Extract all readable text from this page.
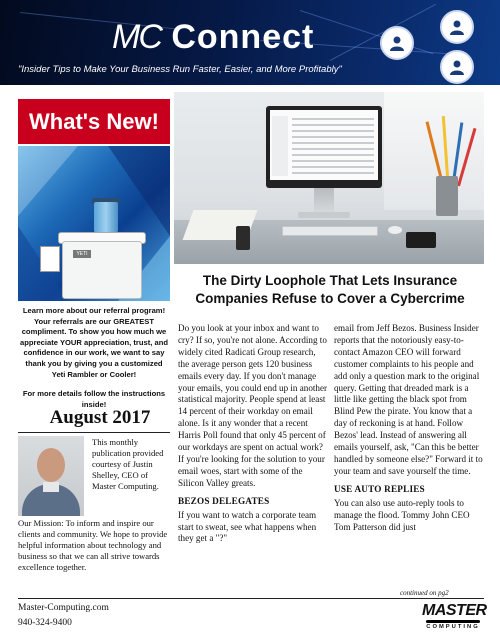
MC Connect
"Insider Tips to Make Your Business Run Faster, Easier, and More Profitably"
What's New!
YETI

Learn more about our referral program! Your referrals are our GREATEST compliment. To show you how much we appreciate YOUR appreciation, trust, and confidence in our work, we want to say thank you by giving you a customized Yeti Rambler or Cooler!

For more details follow the instructions inside!

August 2017
This monthly publication provided courtesy of Justin Shelley, CEO of Master Computing.
Our Mission: To inform and inspire our clients and community. We hope to provide helpful information about technology and business so that we can all strive towards excellence together.
The Dirty Loophole That Lets Insurance Companies Refuse to Cover a Cybercrime

Do you look at your inbox and want to cry? If so, you're not alone. According to widely cited Radicati Group research, the average person gets 120 business emails every day. If you don't manage your emails, you could end up in another statistical majority. People spend at least 14 percent of their workday on email alone. Is it any wonder that a recent Harris Poll found that only 45 percent of our workdays are spent on actual work? If you're looking for the solution to your email woes, start with some of the Silicon Valley greats.

BEZOS DELEGATES

If you want to watch a corporate team start to sweat, see what happens when they get a "?"

email from Jeff Bezos. Business Insider reports that the notoriously easy-to-contact Amazon CEO will forward customer complaints to his people and add only a question mark to the original query. Getting that dreaded mark is a little like getting the black spot from Blind Pew the pirate. You know that a day of reckoning is at hand. Follow Bezos' lead. Instead of answering all emails yourself, ask, "Can this be better handled by someone else?" Forward it to your team and save yourself the time.

USE AUTO REPLIES

You can also use auto-reply tools to manage the flood. Tommy John CEO Tom Patterson did just

continued on pg2
Master-Computing.com
940-324-9400
MASTER
COMPUTING
